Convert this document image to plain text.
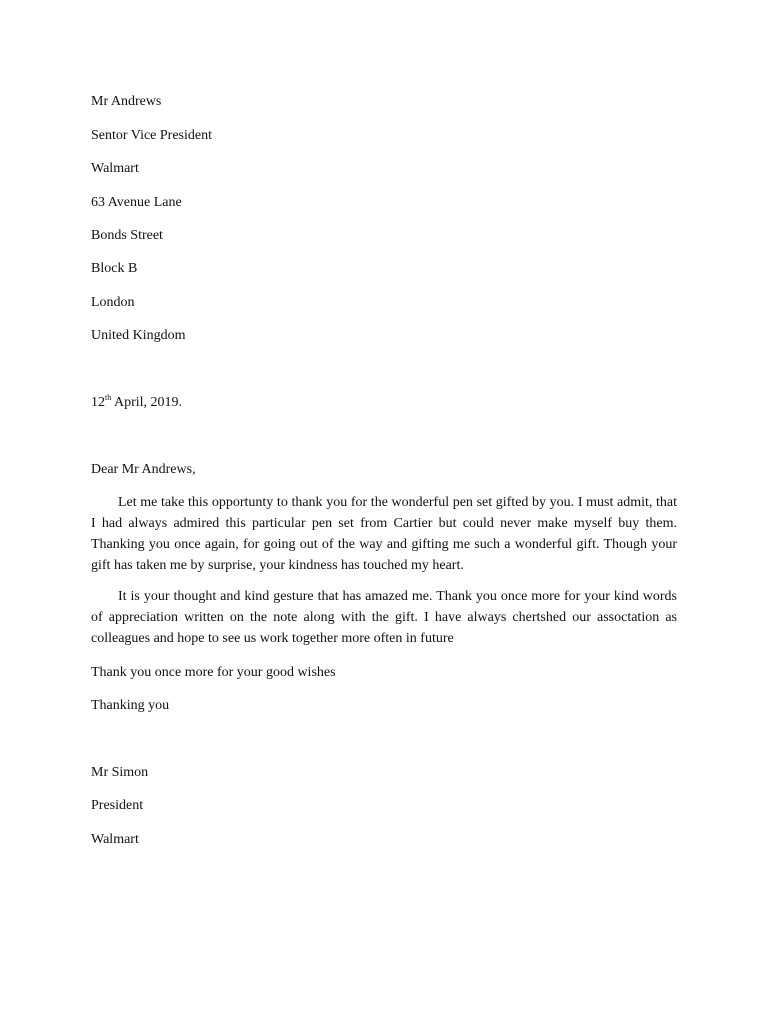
Mr Andrews
Sentor Vice President
Walmart
63 Avenue Lane
Bonds Street
Block B
London
United Kingdom
12th April, 2019.
Dear Mr Andrews,
Let me take this opportunty to thank you for the wonderful pen set gifted by you. I must admit, that I had always admired this particular pen set from Cartier but could never make myself buy them. Thanking you once again, for going out of the way and gifting me such a wonderful gift. Though your gift has taken me by surprise, your kindness has touched my heart.
It is your thought and kind gesture that has amazed me. Thank you once more for your kind words of appreciation written on the note along with the gift. I have always chertshed our assoctation as colleagues and hope to see us work together more often in future
Thank you once more for your good wishes
Thanking you
Mr Simon
President
Walmart
